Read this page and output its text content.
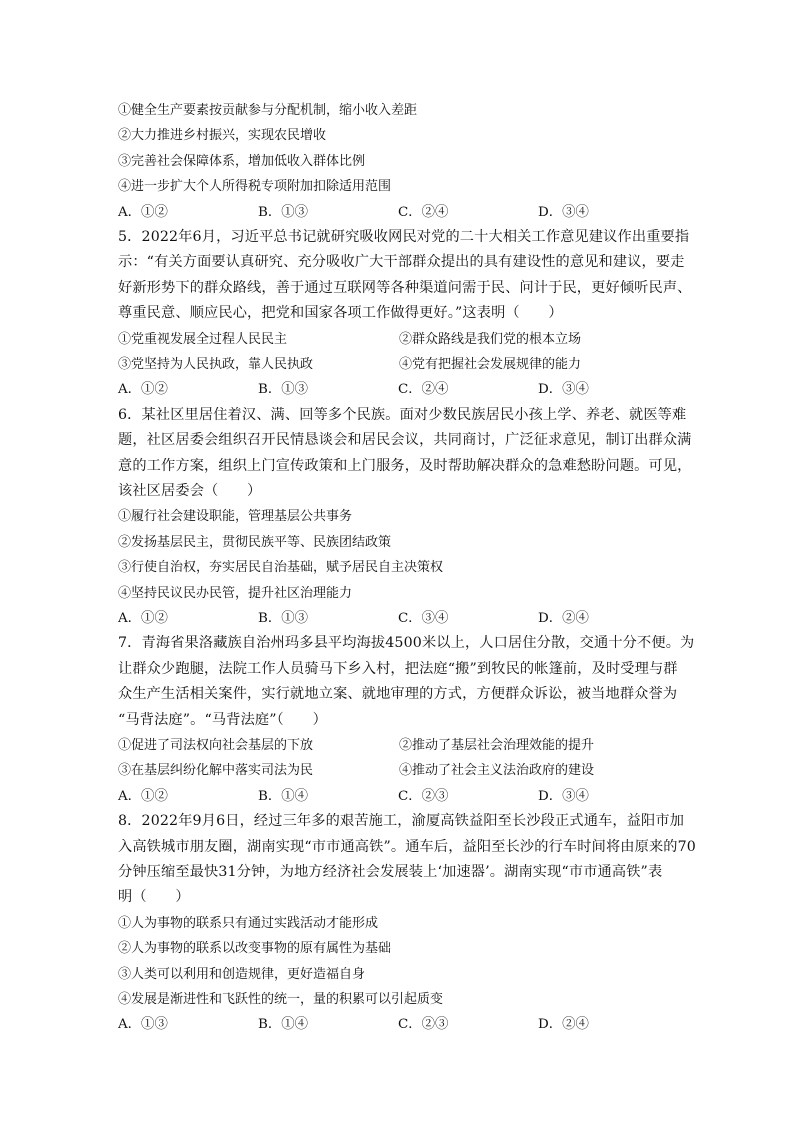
①健全生产要素按贡献参与分配机制，缩小收入差距
②大力推进乡村振兴，实现农民增收
③完善社会保障体系，增加低收入群体比例
④进一步扩大个人所得税专项附加扣除适用范围
A．①②	B．①③	C．②④	D．③④
5．2022年6月，习近平总书记就研究吸收网民对党的二十大相关工作意见建议作出重要指
示：“有关方面要认真研究、充分吸收广大干部群众提出的具有建设性的意见和建议，要走
好新形势下的群众路线，善于通过互联网等各种渠道问需于民、问计于民，更好倾听民声、
尊重民意、顺应民心，把党和国家各项工作做得更好。”这表明（　　）
①党重视发展全过程人民民主	②群众路线是我们党的根本立场
③党坚持为人民执政，靠人民执政	④党有把握社会发展规律的能力
A．①②	B．①③	C．②④	D．③④
6．某社区里居住着汉、满、回等多个民族。面对少数民族居民小孩上学、养老、就医等难
题，社区居委会组织召开民情恳谈会和居民会议，共同商讨，广泛征求意见，制订出群众满
意的工作方案，组织上门宣传政策和上门服务，及时帮助解决群众的急难愁盼问题。可见，
该社区居委会（　　）
①履行社会建设职能，管理基层公共事务
②发扬基层民主，贯彻民族平等、民族团结政策
③行使自治权，夯实居民自治基础，赋予居民自主决策权
④坚持民议民办民管，提升社区治理能力
A．①②	B．①③	C．③④	D．②④
7．青海省果洛藏族自治州玛多县平均海拔4500米以上，人口居住分散，交通十分不便。为
让群众少跑腿，法院工作人员骑马下乡入村，把法庭“搬”到牧民的帐篷前，及时受理与群
众生产生活相关案件，实行就地立案、就地审理的方式，方便群众诉讼，被当地群众誉为
“马背法庭”。“马背法庭”（　　）
①促进了司法权向社会基层的下放	②推动了基层社会治理效能的提升
③在基层纠纷化解中落实司法为民	④推动了社会主义法治政府的建设
A．①②	B．①④	C．②③	D．③④
8．2022年9月6日，经过三年多的艰苦施工，渝厦高铁益阳至长沙段正式通车，益阳市加
入高铁城市朋友圈，湖南实现“市市通高铁”。通车后，益阳至长沙的行车时间将由原来的70
分钟压缩至最快31分钟，为地方经济社会发展装上‘加速器’。湖南实现“市市通高铁”表
明（　　）
①人为事物的联系只有通过实践活动才能形成
②人为事物的联系以改变事物的原有属性为基础
③人类可以利用和创造规律，更好造福自身
④发展是渐进性和飞跃性的统一，量的积累可以引起质变
A．①③	B．①④	C．②③	D．②④
